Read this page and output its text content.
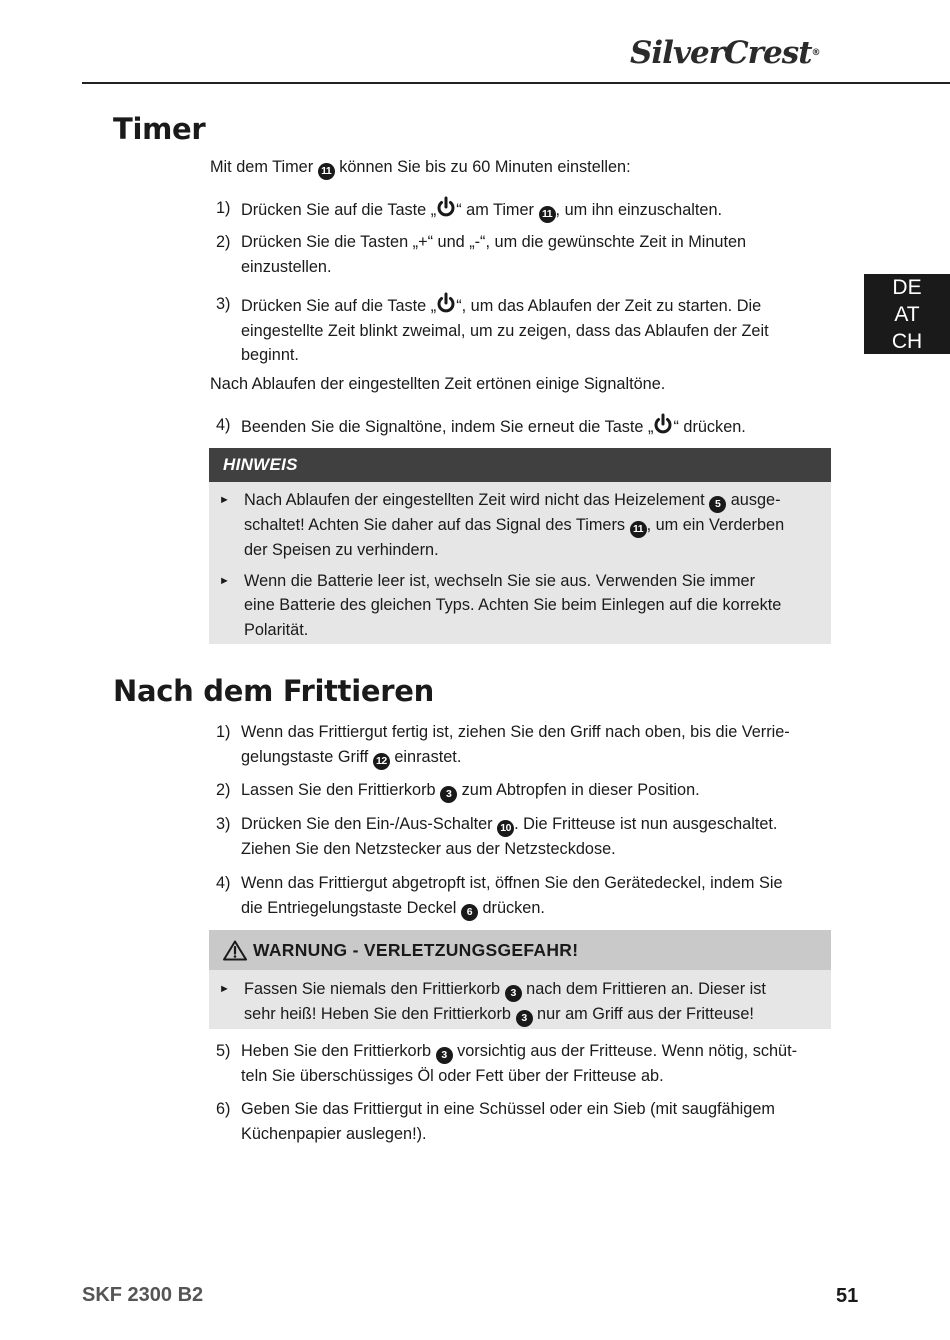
SilverCrest®
DE
AT
CH
Timer
Mit dem Timer 11 können Sie bis zu 60 Minuten einstellen:
1) Drücken Sie auf die Taste „ “ am Timer 11 , um ihn einzuschalten.
2) Drücken Sie die Tasten „+“ und „-“, um die gewünschte Zeit in Minuten
einzustellen.
3) Drücken Sie auf die Taste „ “, um das Ablaufen der Zeit zu starten. Die
eingestellte Zeit blinkt zweimal, um zu zeigen, dass das Ablaufen der Zeit
beginnt.
Nach Ablaufen der eingestellten Zeit ertönen einige Signaltöne.
4) Beenden Sie die Signaltöne, indem Sie erneut die Taste „ “ drücken.
HINWEIS
► Nach Ablaufen der eingestellten Zeit wird nicht das Heizelement 5 ausge-
schaltet! Achten Sie daher auf das Signal des Timers 11 , um ein Verderben
der Speisen zu verhindern.
► Wenn die Batterie leer ist, wechseln Sie sie aus. Verwenden Sie immer
eine Batterie des gleichen Typs. Achten Sie beim Einlegen auf die korrekte
Polarität.
Nach dem Frittieren
1) Wenn das Frittiergut fertig ist, ziehen Sie den Griff nach oben, bis die Verrie-
gelungstaste Griff 12 einrastet.
2) Lassen Sie den Frittierkorb 3 zum Abtropfen in dieser Position.
3) Drücken Sie den Ein-/Aus-Schalter 10 . Die Fritteuse ist nun ausgeschaltet.
Ziehen Sie den Netzstecker aus der Netzsteckdose.
4) Wenn das Frittiergut abgetropft ist, öffnen Sie den Gerätedeckel, indem Sie
die Entriegelungstaste Deckel 6 drücken.
WARNUNG - VERLETZUNGSGEFAHR!
► Fassen Sie niemals den Frittierkorb 3 nach dem Frittieren an. Dieser ist
sehr heiß! Heben Sie den Frittierkorb 3 nur am Griff aus der Fritteuse!
5) Heben Sie den Frittierkorb 3 vorsichtig aus der Fritteuse. Wenn nötig, schüt-
teln Sie überschüssiges Öl oder Fett über der Fritteuse ab.
6) Geben Sie das Frittiergut in eine Schüssel oder ein Sieb (mit saugfähigem
Küchenpapier auslegen!).
SKF 2300 B2	51
